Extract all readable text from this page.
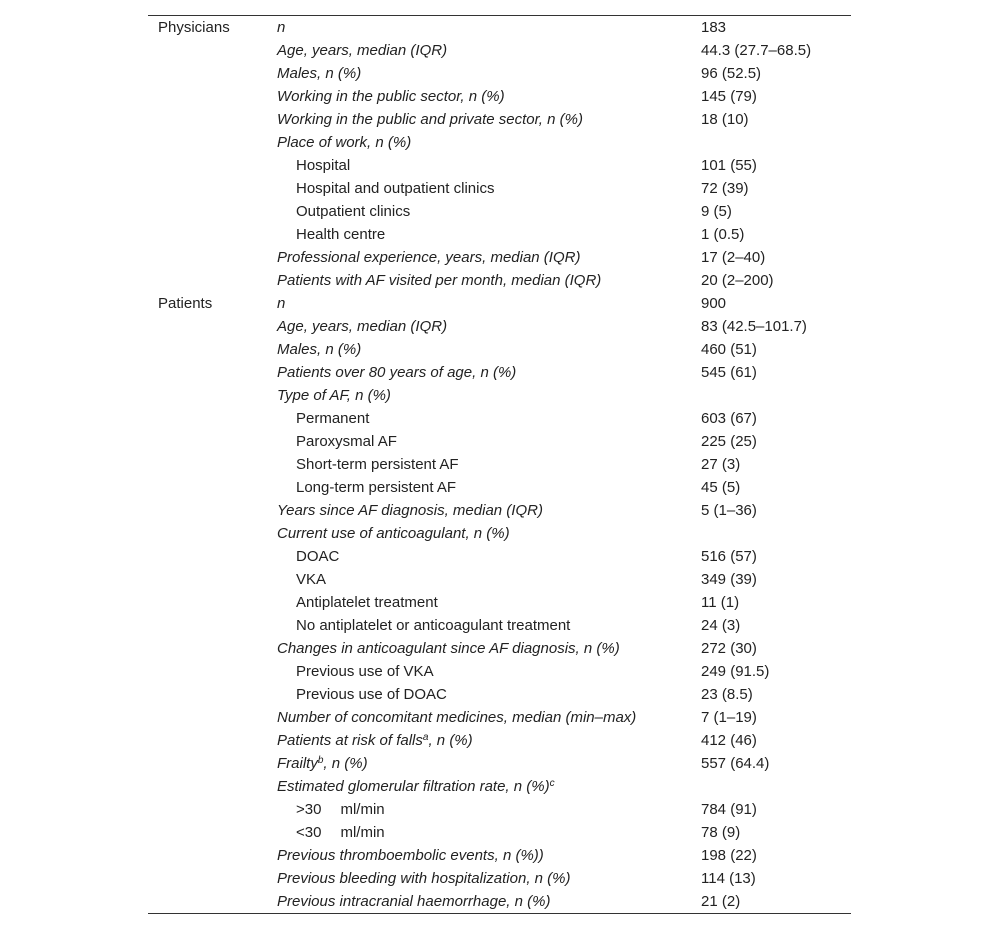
Physicians	n	183
Age, years, median (IQR)	44.3 (27.7–68.5)
Males, n (%)	96 (52.5)
Working in the public sector, n (%)	145 (79)
Working in the public and private sector, n (%)	18 (10)
Place of work, n (%)
Hospital	101 (55)
Hospital and outpatient clinics	72 (39)
Outpatient clinics	9 (5)
Health centre	1 (0.5)
Professional experience, years, median (IQR)	17 (2–40)
Patients with AF visited per month, median (IQR)	20 (2–200)
Patients	n	900
Age, years, median (IQR)	83 (42.5–101.7)
Males, n (%)	460 (51)
Patients over 80 years of age, n (%)	545 (61)
Type of AF, n (%)
Permanent	603 (67)
Paroxysmal AF	225 (25)
Short-term persistent AF	27 (3)
Long-term persistent AF	45 (5)
Years since AF diagnosis, median (IQR)	5 (1–36)
Current use of anticoagulant, n (%)
DOAC	516 (57)
VKA	349 (39)
Antiplatelet treatment	11 (1)
No antiplatelet or anticoagulant treatment	24 (3)
Changes in anticoagulant since AF diagnosis, n (%)	272 (30)
Previous use of VKA	249 (91.5)
Previous use of DOAC	23 (8.5)
Number of concomitant medicines, median (min–max)	7 (1–19)
Patients at risk of falls$^a$, n (%)	412 (46)
Frailty$^b$, n (%)	557 (64.4)
Estimated glomerular filtration rate, n (%)$^c$
>30 ml/min	784 (91)
<30 ml/min	78 (9)
Previous thromboembolic events, n (%))	198 (22)
Previous bleeding with hospitalization, n (%)	114 (13)
Previous intracranial haemorrhage, n (%)	21 (2)
